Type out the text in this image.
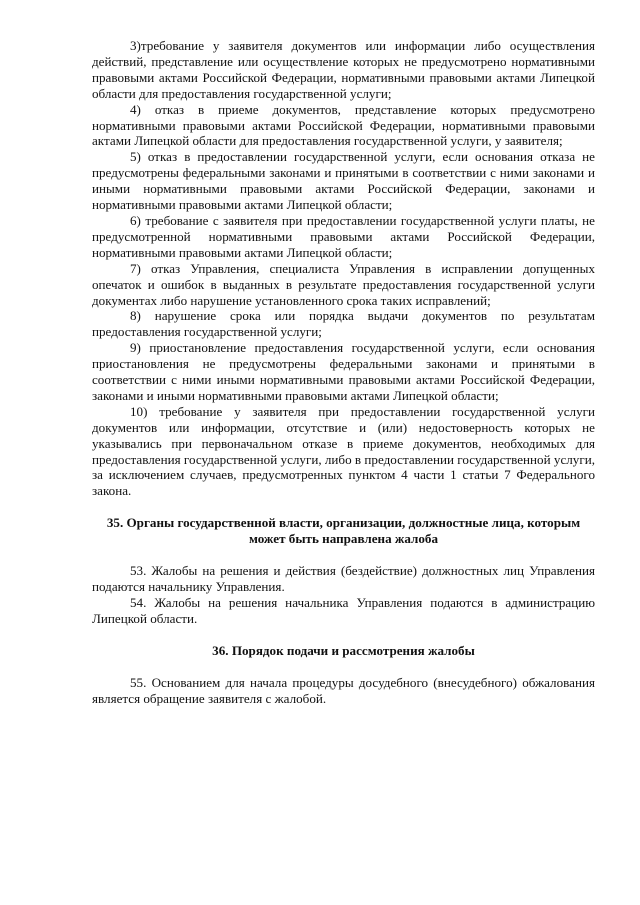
3)требование у заявителя документов или информации либо осуществления действий, представление или осуществление которых не предусмотрено нормативными правовыми актами Российской Федерации, нормативными правовыми актами Липецкой области для предоставления государственной услуги;

4) отказ в приеме документов, представление которых предусмотрено нормативными правовыми актами Российской Федерации, нормативными правовыми актами Липецкой области для предоставления государственной услуги, у заявителя;

5) отказ в предоставлении государственной услуги, если основания отказа не предусмотрены федеральными законами и принятыми в соответствии с ними законами и иными нормативными правовыми актами Российской Федерации, законами и нормативными правовыми актами Липецкой области;

6) требование с заявителя при предоставлении государственной услуги платы, не предусмотренной нормативными правовыми актами Российской Федерации, нормативными правовыми актами Липецкой области;

7) отказ Управления, специалиста Управления в исправлении допущенных опечаток и ошибок в выданных в результате предоставления государственной услуги документах либо нарушение установленного срока таких исправлений;

8) нарушение срока или порядка выдачи документов по результатам предоставления государственной услуги;

9) приостановление предоставления государственной услуги, если основания приостановления не предусмотрены федеральными законами и принятыми в соответствии с ними иными нормативными правовыми актами Российской Федерации, законами и иными нормативными правовыми актами Липецкой области;

10) требование у заявителя при предоставлении государственной услуги документов или информации, отсутствие и (или) недостоверность которых не указывались при первоначальном отказе в приеме документов, необходимых для предоставления государственной услуги, либо в предоставлении государственной услуги, за исключением случаев, предусмотренных пунктом 4 части 1 статьи 7 Федерального закона.

35. Органы государственной власти, организации, должностные лица, которым может быть направлена жалоба

53. Жалобы на решения и действия (бездействие) должностных лиц Управления подаются начальнику Управления.

54. Жалобы на решения начальника Управления подаются в администрацию Липецкой области.

36. Порядок подачи и рассмотрения жалобы

55. Основанием для начала процедуры досудебного (внесудебного) обжалования является обращение заявителя с жалобой.
